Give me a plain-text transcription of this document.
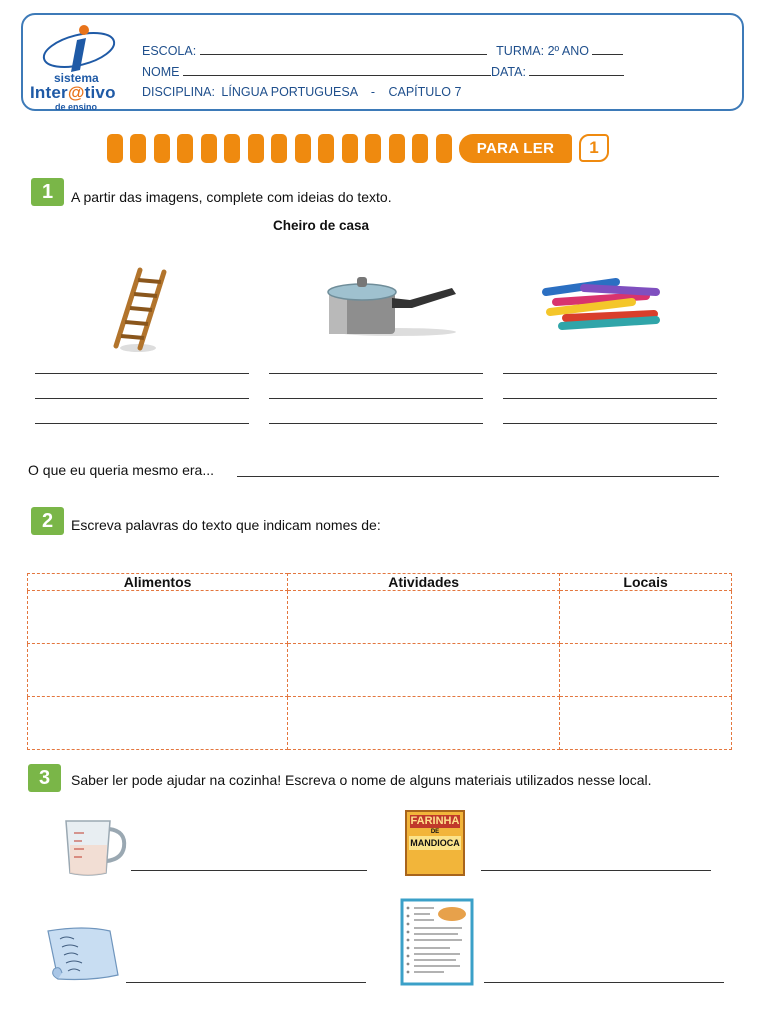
sistema
Inter@tivo
de ensino
ESCOLA:	TURMA: 2º ANO
NOME	DATA:
DISCIPLINA: LÍNGUA PORTUGUESA - CAPÍTULO 7
PARA LER	1
1	A partir das imagens, complete com ideias do texto.
Cheiro de casa
O que eu queria mesmo era...
2	Escreva palavras do texto que indicam nomes de:
Alimentos	Atividades	Locais

3	Saber ler pode ajudar na cozinha! Escreva o nome de alguns materiais utilizados nesse local.
FARINHA
DE
MANDIOCA
